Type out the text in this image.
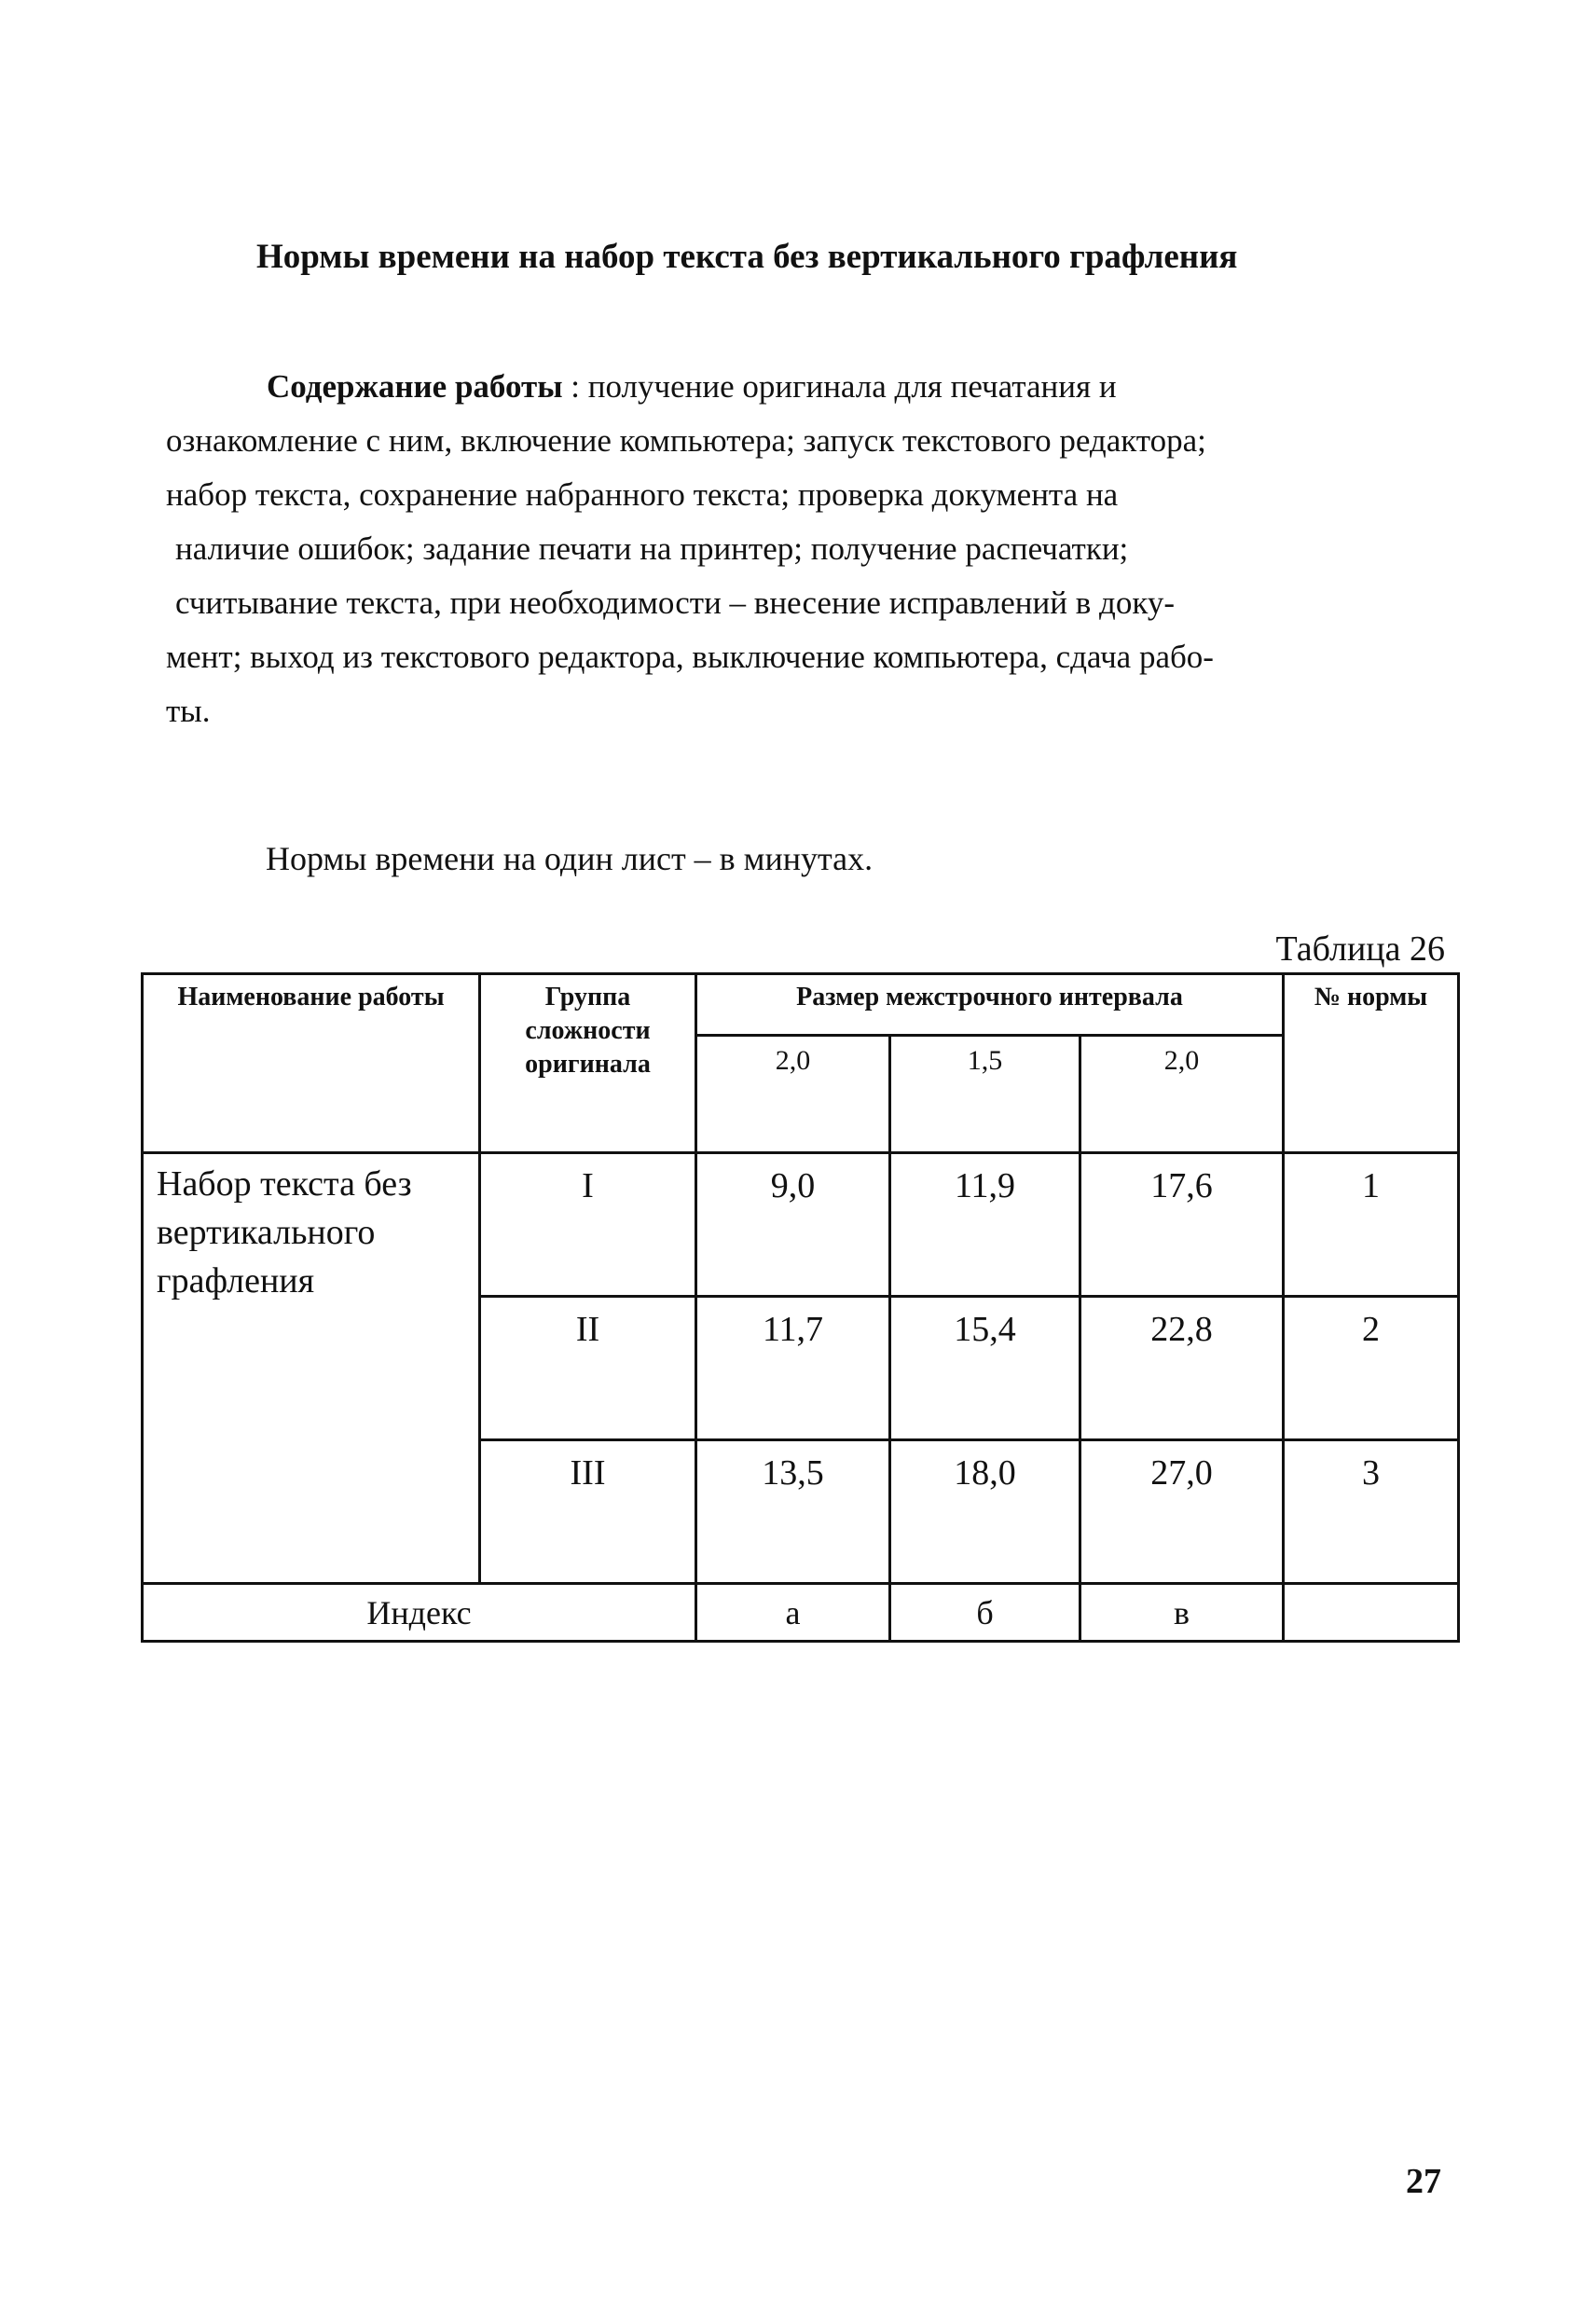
Нормы времени на набор текста без вертикального графления
Содержание работы : получение оригинала для печатания и
ознакомление с ним, включение компьютера; запуск текстового редактора;
набор текста, сохранение набранного текста; проверка документа на
наличие ошибок; задание печати на принтер; получение распечатки;
считывание текста, при необходимости – внесение исправлений в доку-
мент; выход из текстового редактора, выключение компьютера, сдача рабо-
ты.
Нормы времени на один лист – в минутах.
Таблица 26
Наименование работы	Группа сложности оригинала	Размер межстрочного интервала			№ нормы
		2,0	1,5	2,0	
Набор текста без вертикального графления	I	9,0	11,9	17,6	1
	II	11,7	15,4	22,8	2
	III	13,5	18,0	27,0	3
Индекс		а	б	в	
27
